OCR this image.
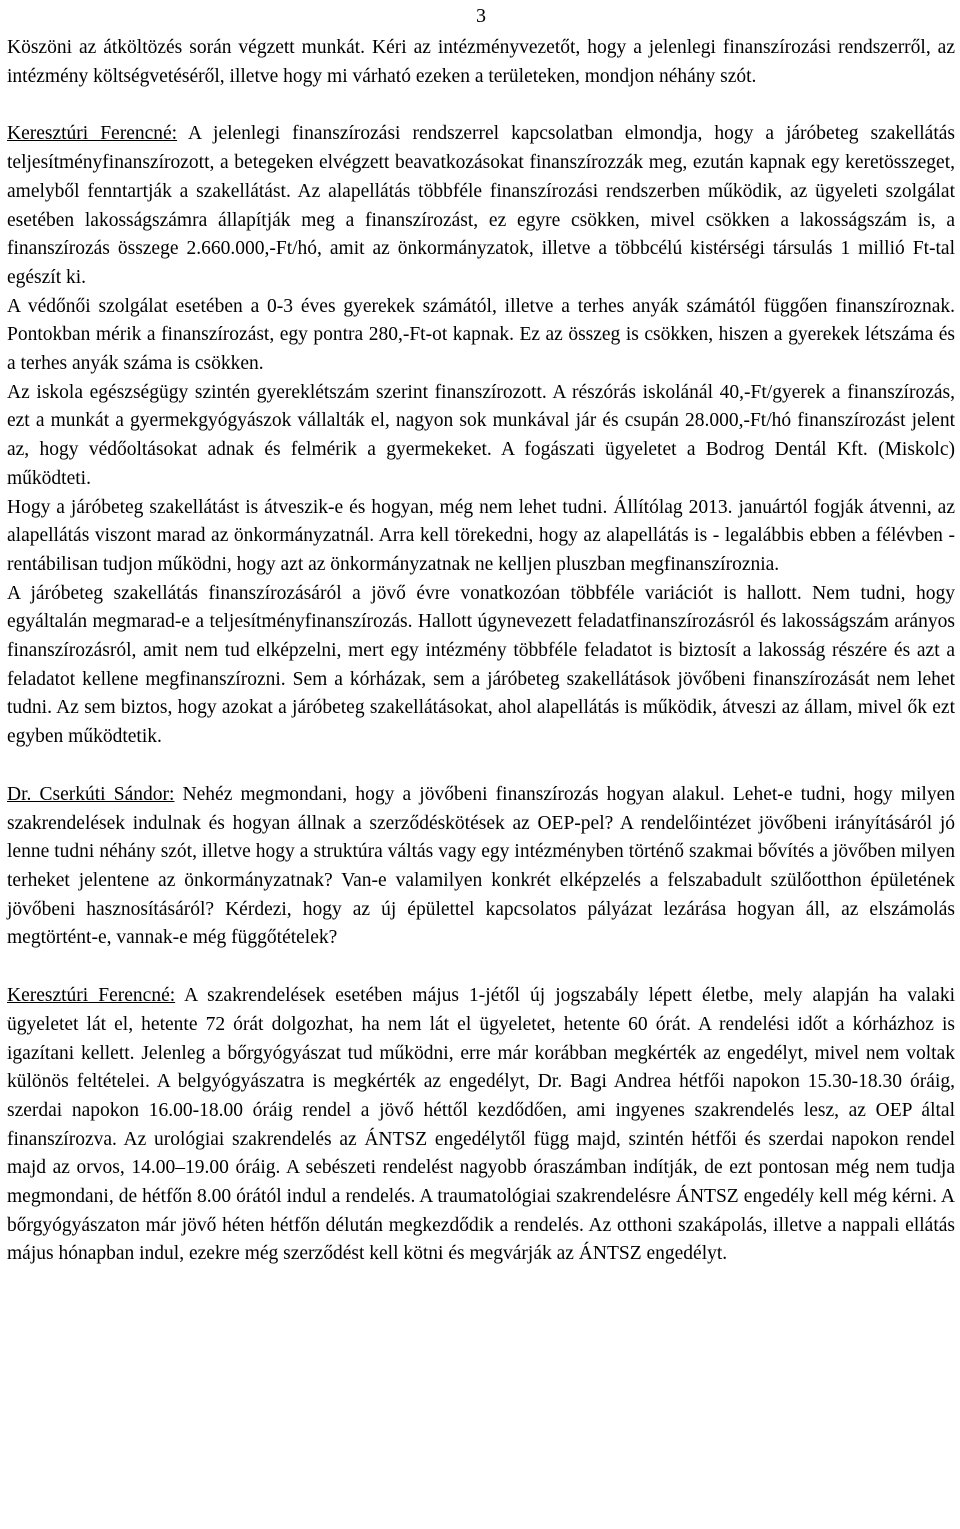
3

Köszöni az átköltözés során végzett munkát. Kéri az intézményvezetőt, hogy a jelenlegi finanszírozási rendszerről, az intézmény költségvetéséről, illetve hogy mi várható ezeken a területeken, mondjon néhány szót.

Keresztúri Ferencné: A jelenlegi finanszírozási rendszerrel kapcsolatban elmondja, hogy a járóbeteg szakellátás teljesítményfinanszírozott, a betegeken elvégzett beavatkozásokat finanszírozzák meg, ezután kapnak egy keretösszeget, amelyből fenntartják a szakellátást. Az alapellátás többféle finanszírozási rendszerben működik, az ügyeleti szolgálat esetében lakosságszámra állapítják meg a finanszírozást, ez egyre csökken, mivel csökken a lakosságszám is, a finanszírozás összege 2.660.000,-Ft/hó, amit az önkormányzatok, illetve a többcélú kistérségi társulás 1 millió Ft-tal egészít ki.

A védőnői szolgálat esetében a 0-3 éves gyerekek számától, illetve a terhes anyák számától függően finanszíroznak. Pontokban mérik a finanszírozást, egy pontra 280,-Ft-ot kapnak. Ez az összeg is csökken, hiszen a gyerekek létszáma és a terhes anyák száma is csökken.

Az iskola egészségügy szintén gyereklétszám szerint finanszírozott. A részórás iskolánál 40,-Ft/gyerek a finanszírozás, ezt a munkát a gyermekgyógyászok vállalták el, nagyon sok munkával jár és csupán 28.000,-Ft/hó finanszírozást jelent az, hogy védőoltásokat adnak és felmérik a gyermekeket. A fogászati ügyeletet a Bodrog Dentál Kft. (Miskolc) működteti.

Hogy a járóbeteg szakellátást is átveszik-e és hogyan, még nem lehet tudni. Állítólag 2013. januártól fogják átvenni, az alapellátás viszont marad az önkormányzatnál. Arra kell törekedni, hogy az alapellátás is - legalábbis ebben a félévben - rentábilisan tudjon működni, hogy azt az önkormányzatnak ne kelljen pluszban megfinanszíroznia.

A járóbeteg szakellátás finanszírozásáról a jövő évre vonatkozóan többféle variációt is hallott. Nem tudni, hogy egyáltalán megmarad-e a teljesítményfinanszírozás. Hallott úgynevezett feladatfinanszírozásról és lakosságszám arányos finanszírozásról, amit nem tud elképzelni, mert egy intézmény többféle feladatot is biztosít a lakosság részére és azt a feladatot kellene megfinanszírozni. Sem a kórházak, sem a járóbeteg szakellátások jövőbeni finanszírozását nem lehet tudni. Az sem biztos, hogy azokat a járóbeteg szakellátásokat, ahol alapellátás is működik, átveszi az állam, mivel ők ezt egyben működtetik.

Dr. Cserkúti Sándor: Nehéz megmondani, hogy a jövőbeni finanszírozás hogyan alakul. Lehet-e tudni, hogy milyen szakrendelések indulnak és hogyan állnak a szerződéskötések az OEP-pel? A rendelőintézet jövőbeni irányításáról jó lenne tudni néhány szót, illetve hogy a struktúra váltás vagy egy intézményben történő szakmai bővítés a jövőben milyen terheket jelentene az önkormányzatnak? Van-e valamilyen konkrét elképzelés a felszabadult szülőotthon épületének jövőbeni hasznosításáról? Kérdezi, hogy az új épülettel kapcsolatos pályázat lezárása hogyan áll, az elszámolás megtörtént-e, vannak-e még függőtételek?

Keresztúri Ferencné: A szakrendelések esetében május 1-jétől új jogszabály lépett életbe, mely alapján ha valaki ügyeletet lát el, hetente 72 órát dolgozhat, ha nem lát el ügyeletet, hetente 60 órát. A rendelési időt a kórházhoz is igazítani kellett. Jelenleg a bőrgyógyászat tud működni, erre már korábban megkérték az engedélyt, mivel nem voltak különös feltételei. A belgyógyászatra is megkérték az engedélyt, Dr. Bagi Andrea hétfői napokon 15.30-18.30 óráig, szerdai napokon 16.00-18.00 óráig rendel a jövő héttől kezdődően, ami ingyenes szakrendelés lesz, az OEP által finanszírozva. Az urológiai szakrendelés az ÁNTSZ engedélytől függ majd, szintén hétfői és szerdai napokon rendel majd az orvos, 14.00–19.00 óráig. A sebészeti rendelést nagyobb óraszámban indítják, de ezt pontosan még nem tudja megmondani, de hétfőn 8.00 órától indul a rendelés. A traumatológiai szakrendelésre ÁNTSZ engedély kell még kérni. A bőrgyógyászaton már jövő héten hétfőn délután megkezdődik a rendelés. Az otthoni szakápolás, illetve a nappali ellátás május hónapban indul, ezekre még szerződést kell kötni és megvárják az ÁNTSZ engedélyt.
